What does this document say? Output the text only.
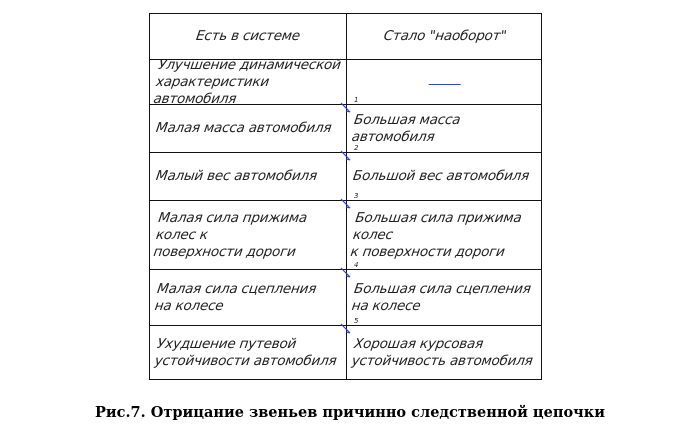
Есть в системе	Стало "наоборот"
Улучшение динамической
характеристики автомобиля
Малая масса автомобиля
Большая масса автомобиля
Малый вес автомобиля	Большой вес автомобиля
Малая сила прижима колес к
поверхности дороги
Большая сила прижима колес
к поверхности дороги
Малая сила сцепления
на колесе
Большая сила сцепления
на колесе
Ухудшение путевой
устойчивости автомобиля
Хорошая курсовая
устойчивость автомобиля
1
2
3
4
5
Рис.7. Отрицание звеньев причинно следственной цепочки
